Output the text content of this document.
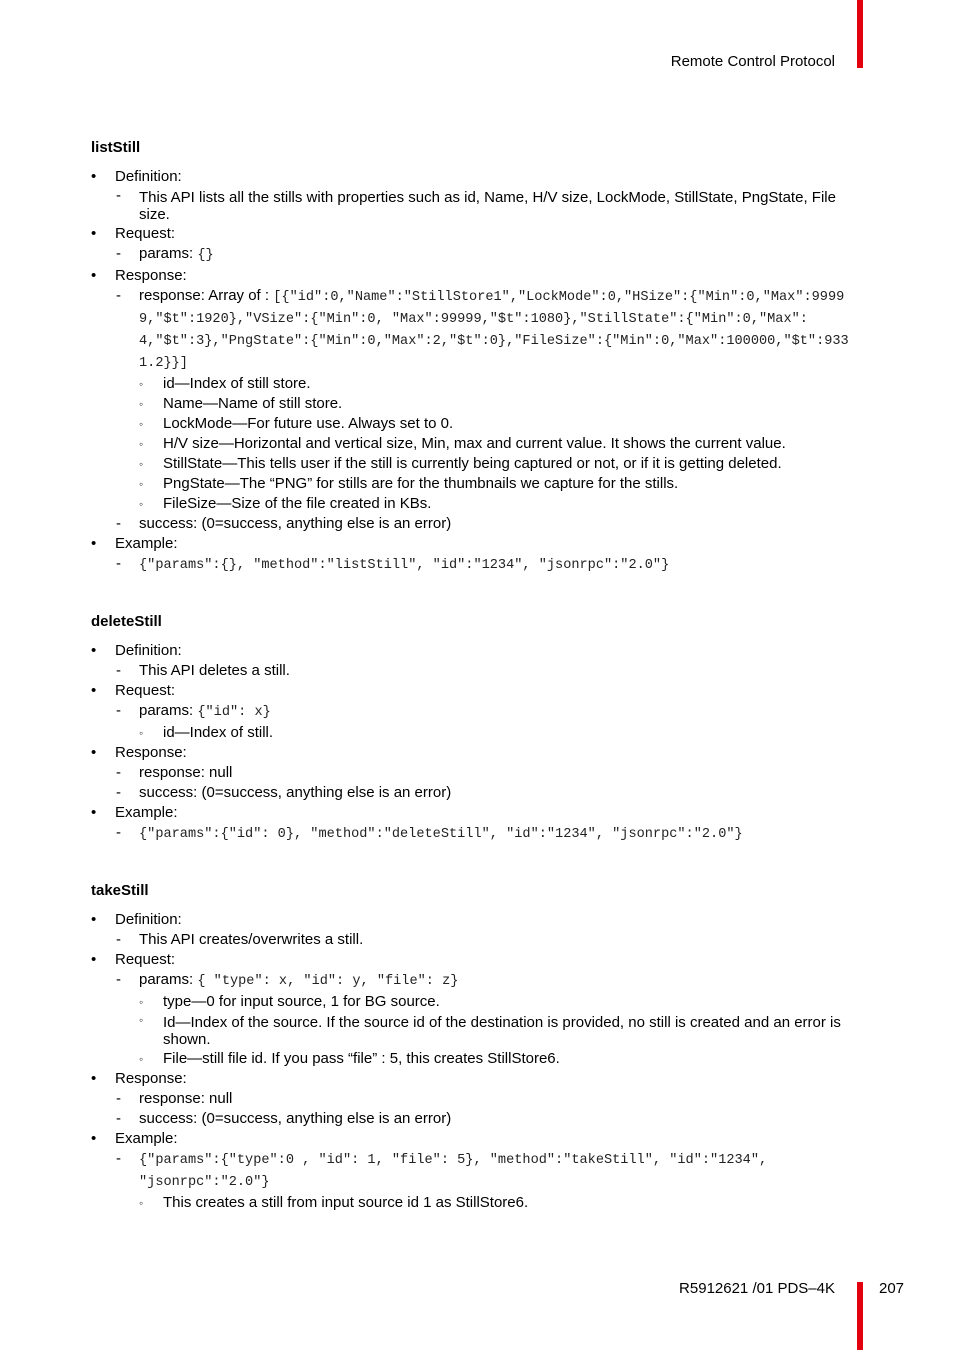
Remote Control Protocol
listStill
• Definition:
- This API lists all the stills with properties such as id, Name, H/V size, LockMode, StillState, PngState, File size.
• Request:
- params: {}
• Response:
- response: Array of : [{"id":0,"Name":"StillStore1","LockMode":0,"HSize":{"Min":0,"Max":99999,"$t":1920},"VSize":{"Min":0, "Max":99999,"$t":1080},"StillState":{"Min":0,"Max":4,"$t":3},"PngState":{"Min":0,"Max":2,"$t":0},"FileSize":{"Min":0,"Max":100000,"$t":9331.2}}]
◦ id—Index of still store.
◦ Name—Name of still store.
◦ LockMode—For future use. Always set to 0.
◦ H/V size—Horizontal and vertical size, Min, max and current value. It shows the current value.
◦ StillState—This tells user if the still is currently being captured or not, or if it is getting deleted.
◦ PngState—The “PNG” for stills are for the thumbnails we capture for the stills.
◦ FileSize—Size of the file created in KBs.
- success: (0=success, anything else is an error)
• Example:
- {"params":{}, "method":"listStill", "id":"1234", "jsonrpc":"2.0"}
deleteStill
• Definition:
- This API deletes a still.
• Request:
- params: {"id": x}
◦ id—Index of still.
• Response:
- response: null
- success: (0=success, anything else is an error)
• Example:
- {"params":{"id": 0}, "method":"deleteStill", "id":"1234", "jsonrpc":"2.0"}
takeStill
• Definition:
- This API creates/overwrites a still.
• Request:
- params: { "type": x, "id": y, "file": z}
◦ type—0 for input source, 1 for BG source.
◦ Id—Index of the source. If the source id of the destination is provided, no still is created and an error is shown.
◦ File—still file id. If you pass “file” : 5, this creates StillStore6.
• Response:
- response: null
- success: (0=success, anything else is an error)
• Example:
- {"params":{"type":0 , "id": 1, "file": 5}, "method":"takeStill", "id":"1234", "jsonrpc":"2.0"}
◦ This creates a still from input source id 1 as StillStore6.
R5912621 /01 PDS–4K	207
